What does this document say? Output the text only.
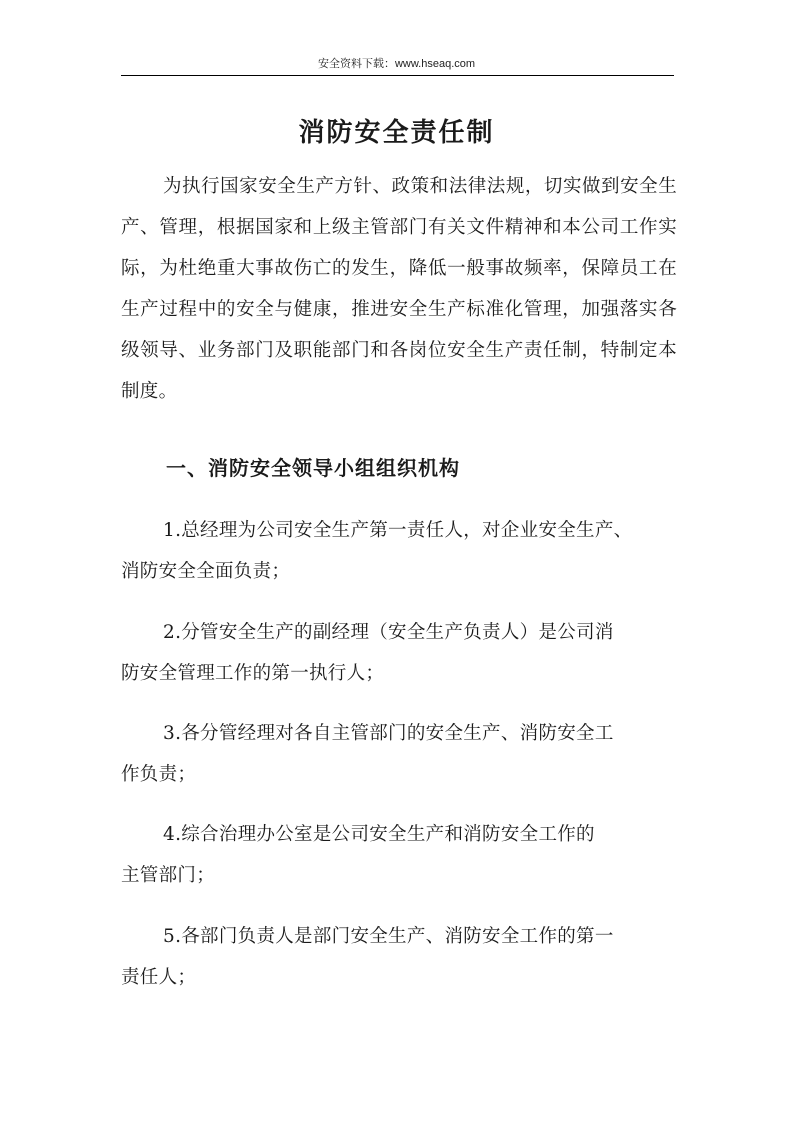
安全资料下载：www.hseaq.com
消防安全责任制

为执行国家安全生产方针、政策和法律法规，切实做到安全生产、管理，根据国家和上级主管部门有关文件精神和本公司工作实际，为杜绝重大事故伤亡的发生，降低一般事故频率，保障员工在生产过程中的安全与健康，推进安全生产标准化管理，加强落实各级领导、业务部门及职能部门和各岗位安全生产责任制，特制定本制度。

一、消防安全领导小组组织机构

1.总经理为公司安全生产第一责任人，对企业安全生产、
消防安全全面负责；

2.分管安全生产的副经理（安全生产负责人）是公司消
防安全管理工作的第一执行人；

3.各分管经理对各自主管部门的安全生产、消防安全工
作负责；

4.综合治理办公室是公司安全生产和消防安全工作的
主管部门；

5.各部门负责人是部门安全生产、消防安全工作的第一
责任人；
